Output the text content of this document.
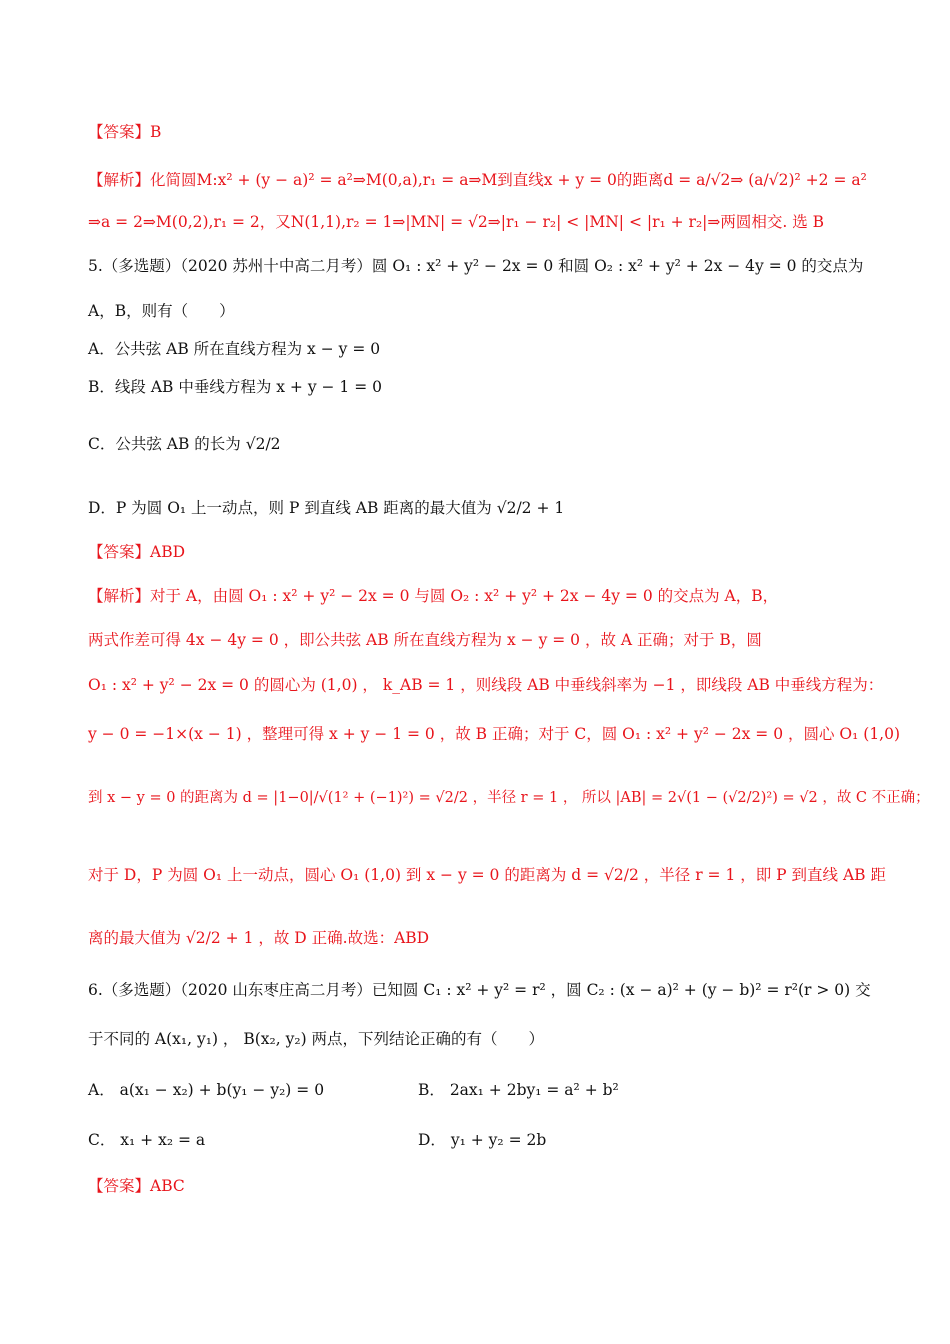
【答案】B
【解析】化简圆M:x² + (y − a)² = a²⇒M(0,a),r₁ = a⇒M到直线x + y = 0的距离d = a/√2⇒ (a/√2)² +2 = a²
⇒a = 2⇒M(0,2),r₁ = 2，又N(1,1),r₂ = 1⇒|MN| = √2⇒|r₁ − r₂| < |MN| < |r₁ + r₂|⇒两圆相交. 选 B
5.（多选题）（2020 苏州十中高二月考）圆 O₁ : x² + y² − 2x = 0 和圆 O₂ : x² + y² + 2x − 4y = 0 的交点为
A，B，则有（　　）
A．公共弦 AB 所在直线方程为 x − y = 0
B．线段 AB 中垂线方程为 x + y − 1 = 0
C．公共弦 AB 的长为 √2/2
D．P 为圆 O₁ 上一动点，则 P 到直线 AB 距离的最大值为 √2/2 + 1
【答案】ABD
【解析】对于 A，由圆 O₁ : x² + y² − 2x = 0 与圆 O₂ : x² + y² + 2x − 4y = 0 的交点为 A，B，
两式作差可得 4x − 4y = 0 ，即公共弦 AB 所在直线方程为 x − y = 0 ，故 A 正确；对于 B，圆
O₁ : x² + y² − 2x = 0 的圆心为 (1,0) ， k_AB = 1 ，则线段 AB 中垂线斜率为 −1 ，即线段 AB 中垂线方程为：
y − 0 = −1×(x − 1) ，整理可得 x + y − 1 = 0 ，故 B 正确；对于 C，圆 O₁ : x² + y² − 2x = 0 ，圆心 O₁ (1,0)
到 x − y = 0 的距离为 d = |1−0|/√(1² + (−1)²) = √2/2 ，半径 r = 1 ， 所以 |AB| = 2√(1 − (√2/2)²) = √2 ，故 C 不正确；
对于 D，P 为圆 O₁ 上一动点，圆心 O₁ (1,0) 到 x − y = 0 的距离为 d = √2/2 ，半径 r = 1 ，即 P 到直线 AB 距
离的最大值为 √2/2 + 1 ，故 D 正确.故选：ABD
6.（多选题）（2020 山东枣庄高二月考）已知圆 C₁ : x² + y² = r² ，圆 C₂ : (x − a)² + (y − b)² = r²(r > 0) 交
于不同的 A(x₁, y₁) ， B(x₂, y₂) 两点，下列结论正确的有（　　）
A． a(x₁ − x₂) + b(y₁ − y₂) = 0	B． 2ax₁ + 2by₁ = a² + b²
C． x₁ + x₂ = a	D． y₁ + y₂ = 2b
【答案】ABC
